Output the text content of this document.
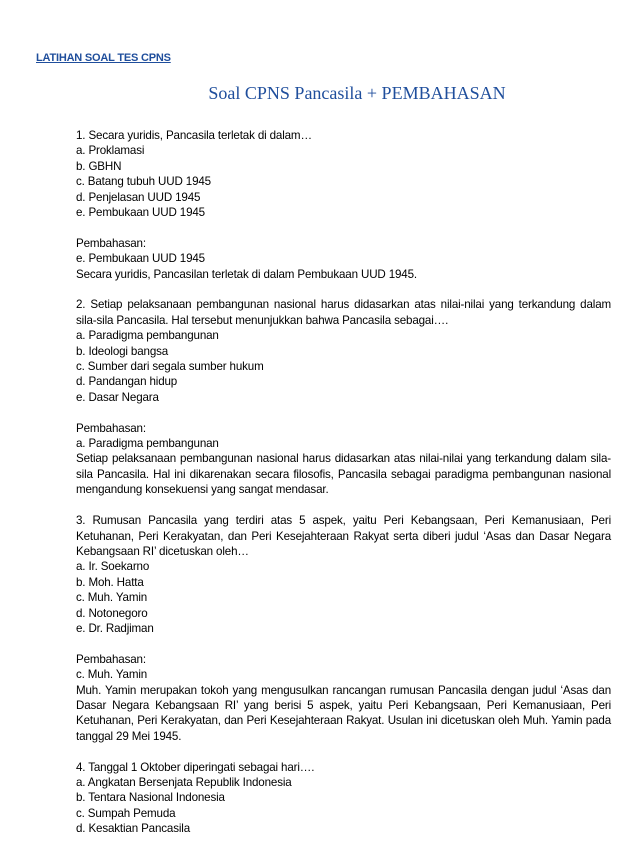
LATIHAN SOAL TES CPNS
Soal CPNS Pancasila + PEMBAHASAN
1. Secara yuridis, Pancasila terletak di dalam…
a. Proklamasi
b. GBHN
c. Batang tubuh UUD 1945
d. Penjelasan UUD 1945
e. Pembukaan UUD 1945
Pembahasan:
e. Pembukaan UUD 1945
Secara yuridis, Pancasilan terletak di dalam Pembukaan UUD 1945.
2. Setiap pelaksanaan pembangunan nasional harus didasarkan atas nilai-nilai yang terkandung dalam sila-sila Pancasila. Hal tersebut menunjukkan bahwa Pancasila sebagai….
a. Paradigma pembangunan
b. Ideologi bangsa
c. Sumber dari segala sumber hukum
d. Pandangan hidup
e. Dasar Negara
Pembahasan:
a. Paradigma pembangunan
Setiap pelaksanaan pembangunan nasional harus didasarkan atas nilai-nilai yang terkandung dalam sila-sila Pancasila. Hal ini dikarenakan secara filosofis, Pancasila sebagai paradigma pembangunan nasional mengandung konsekuensi yang sangat mendasar.
3. Rumusan Pancasila yang terdiri atas 5 aspek, yaitu Peri Kebangsaan, Peri Kemanusiaan, Peri Ketuhanan, Peri Kerakyatan, dan Peri Kesejahteraan Rakyat serta diberi judul ‘Asas dan Dasar Negara Kebangsaan RI’ dicetuskan oleh…
a. Ir. Soekarno
b. Moh. Hatta
c. Muh. Yamin
d. Notonegoro
e. Dr. Radjiman
Pembahasan:
c. Muh. Yamin
Muh. Yamin merupakan tokoh yang mengusulkan rancangan rumusan Pancasila dengan judul ‘Asas dan Dasar Negara Kebangsaan RI’ yang berisi 5 aspek, yaitu Peri Kebangsaan, Peri Kemanusiaan, Peri Ketuhanan, Peri Kerakyatan, dan Peri Kesejahteraan Rakyat. Usulan ini dicetuskan oleh Muh. Yamin pada tanggal 29 Mei 1945.
4. Tanggal 1 Oktober diperingati sebagai hari….
a. Angkatan Bersenjata Republik Indonesia
b. Tentara Nasional Indonesia
c. Sumpah Pemuda
d. Kesaktian Pancasila
